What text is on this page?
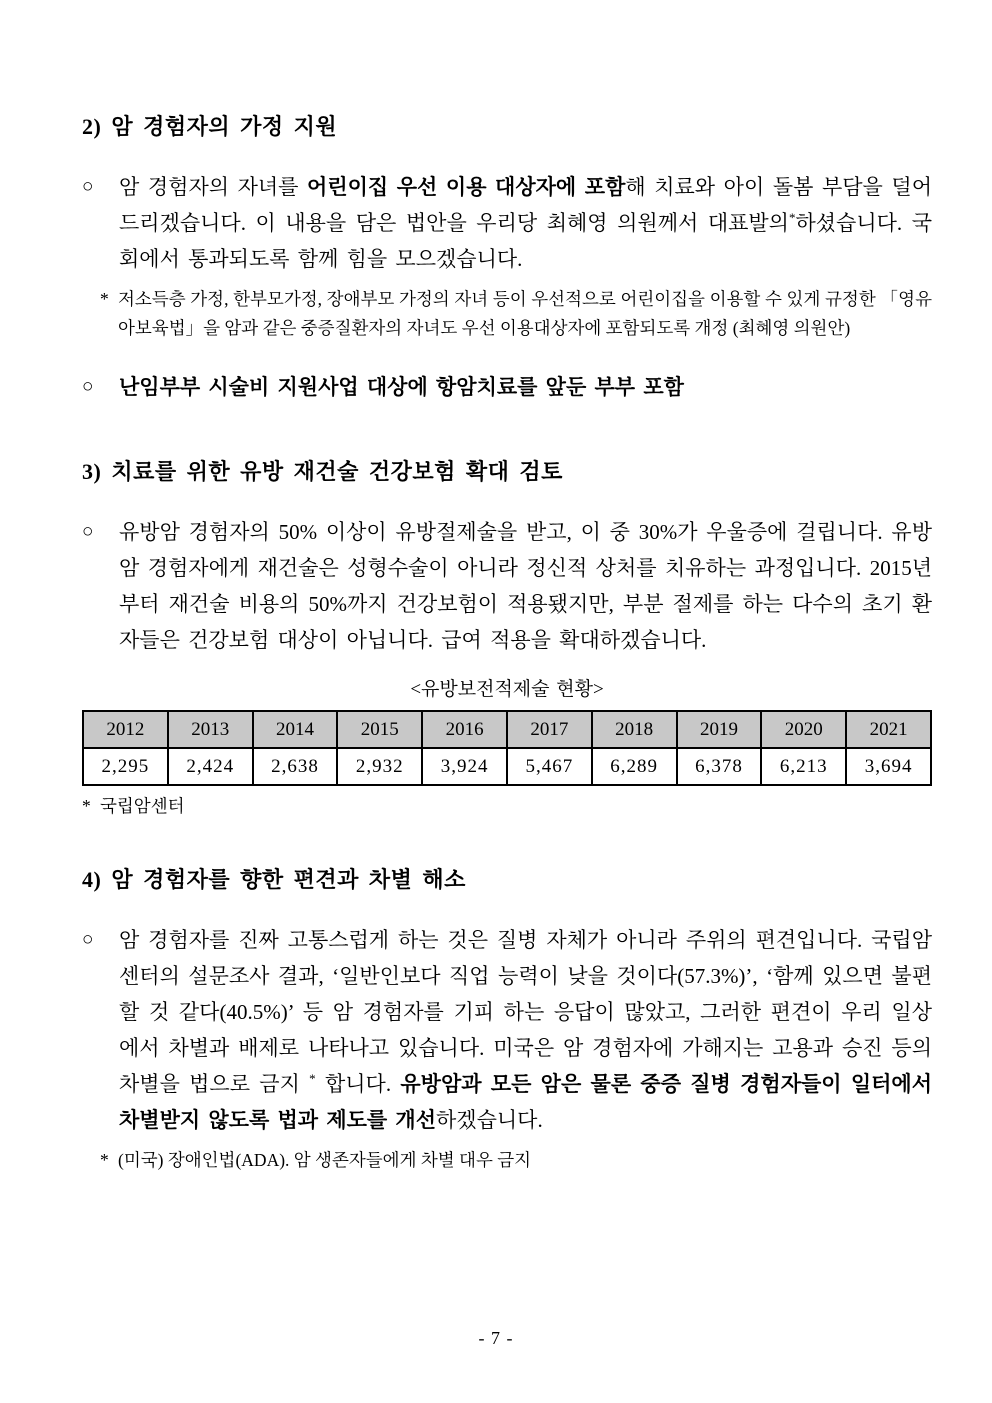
2) 암 경험자의 가정 지원
○	암 경험자의 자녀를 어린이집 우선 이용 대상자에 포함해 치료와 아이 돌봄 부담을 덜어드리겠습니다. 이 내용을 담은 법안을 우리당 최혜영 의원께서 대표발의*하셨습니다. 국회에서 통과되도록 함께 힘을 모으겠습니다.
* 저소득층 가정, 한부모가정, 장애부모 가정의 자녀 등이 우선적으로 어린이집을 이용할 수 있게 규정한 「영유아보육법」을 암과 같은 중증질환자의 자녀도 우선 이용대상자에 포함되도록 개정 (최혜영 의원안)
○	난임부부 시술비 지원사업 대상에 항암치료를 앞둔 부부 포함
3) 치료를 위한 유방 재건술 건강보험 확대 검토
○	유방암 경험자의 50% 이상이 유방절제술을 받고, 이 중 30%가 우울증에 걸립니다. 유방암 경험자에게 재건술은 성형수술이 아니라 정신적 상처를 치유하는 과정입니다. 2015년부터 재건술 비용의 50%까지 건강보험이 적용됐지만, 부분 절제를 하는 다수의 초기 환자들은 건강보험 대상이 아닙니다. 급여 적용을 확대하겠습니다.
<유방보전적제술 현황>
2012	2013	2014	2015	2016	2017	2018	2019	2020	2021
2,295	2,424	2,638	2,932	3,924	5,467	6,289	6,378	6,213	3,694
* 국립암센터
4) 암 경험자를 향한 편견과 차별 해소
○	암 경험자를 진짜 고통스럽게 하는 것은 질병 자체가 아니라 주위의 편견입니다. 국립암센터의 설문조사 결과, ‘일반인보다 직업 능력이 낮을 것이다(57.3%)’, ‘함께 있으면 불편할 것 같다(40.5%)’ 등 암 경험자를 기피 하는 응답이 많았고, 그러한 편견이 우리 일상에서 차별과 배제로 나타나고 있습니다. 미국은 암 경험자에 가해지는 고용과 승진 등의 차별을 법으로 금지 * 합니다. 유방암과 모든 암은 물론 중증 질병 경험자들이 일터에서 차별받지 않도록 법과 제도를 개선하겠습니다.
* (미국) 장애인법(ADA). 암 생존자들에게 차별 대우 금지
- 7 -
